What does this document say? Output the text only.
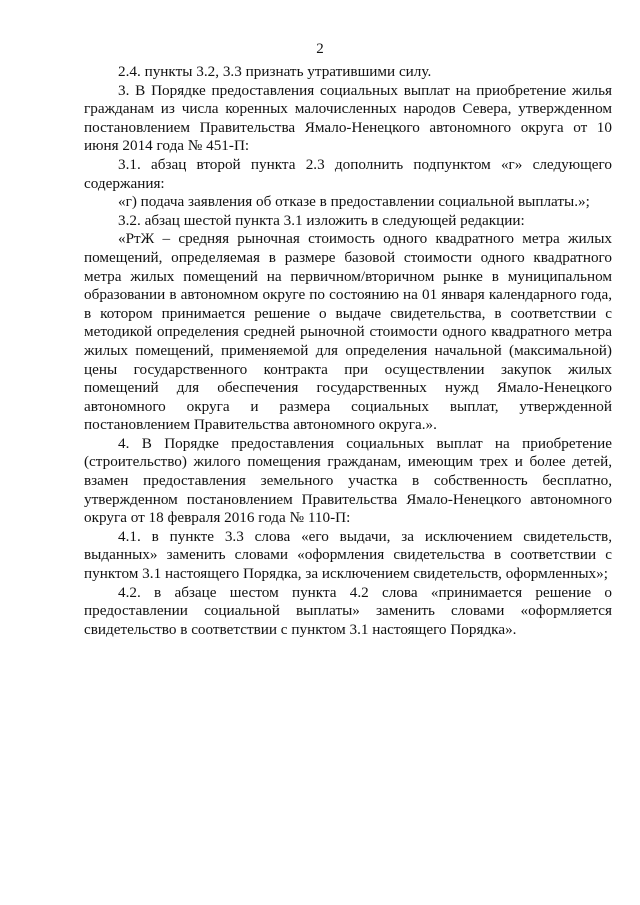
2

2.4. пункты 3.2, 3.3 признать утратившими силу.

3. В Порядке предоставления социальных выплат на приобретение жилья гражданам из числа коренных малочисленных народов Севера, утвержденном постановлением Правительства Ямало-Ненецкого автономного округа от 10 июня 2014 года № 451-П:

3.1. абзац второй пункта 2.3 дополнить подпунктом «г» следующего содержания:

«г) подача заявления об отказе в предоставлении социальной выплаты.»;

3.2. абзац шестой пункта 3.1 изложить в следующей редакции:

«РтЖ – средняя рыночная стоимость одного квадратного метра жилых помещений, определяемая в размере базовой стоимости одного квадратного метра жилых помещений на первичном/вторичном рынке в муниципальном образовании в автономном округе по состоянию на 01 января календарного года, в котором принимается решение о выдаче свидетельства, в соответствии с методикой определения средней рыночной стоимости одного квадратного метра жилых помещений, применяемой для определения начальной (максимальной) цены государственного контракта при осуществлении закупок жилых помещений для обеспечения государственных нужд Ямало-Ненецкого автономного округа и размера социальных выплат, утвержденной постановлением Правительства автономного округа.».

4. В Порядке предоставления социальных выплат на приобретение (строительство) жилого помещения гражданам, имеющим трех и более детей, взамен предоставления земельного участка в собственность бесплатно, утвержденном постановлением Правительства Ямало-Ненецкого автономного округа от 18 февраля 2016 года № 110-П:

4.1. в пункте 3.3 слова «его выдачи, за исключением свидетельств, выданных» заменить словами «оформления свидетельства в соответствии с пунктом 3.1 настоящего Порядка, за исключением свидетельств, оформленных»;

4.2. в абзаце шестом пункта 4.2 слова «принимается решение о предоставлении социальной выплаты» заменить словами «оформляется свидетельство в соответствии с пунктом 3.1 настоящего Порядка».
